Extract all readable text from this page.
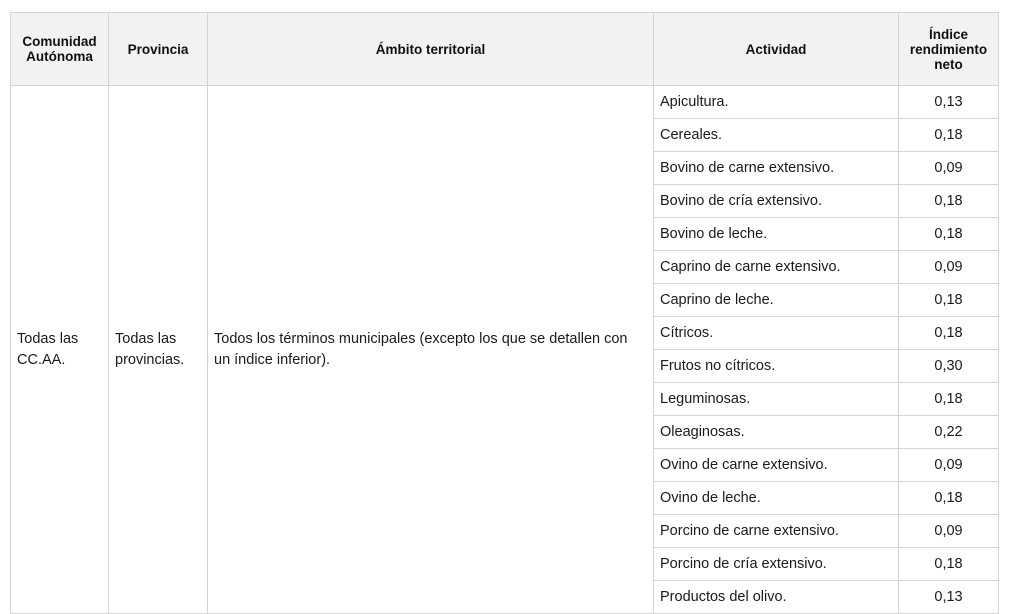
Comunidad Autónoma	Provincia	Ámbito territorial	Actividad	Índice rendimiento neto
Todas las CC.AA.	Todas las provincias.	Todos los términos municipales (excepto los que se detallen con un índice inferior).	Apicultura.	0,13
			Cereales.	0,18
			Bovino de carne extensivo.	0,09
			Bovino de cría extensivo.	0,18
			Bovino de leche.	0,18
			Caprino de carne extensivo.	0,09
			Caprino de leche.	0,18
			Cítricos.	0,18
			Frutos no cítricos.	0,30
			Leguminosas.	0,18
			Oleaginosas.	0,22
			Ovino de carne extensivo.	0,09
			Ovino de leche.	0,18
			Porcino de carne extensivo.	0,09
			Porcino de cría extensivo.	0,18
			Productos del olivo.	0,13
